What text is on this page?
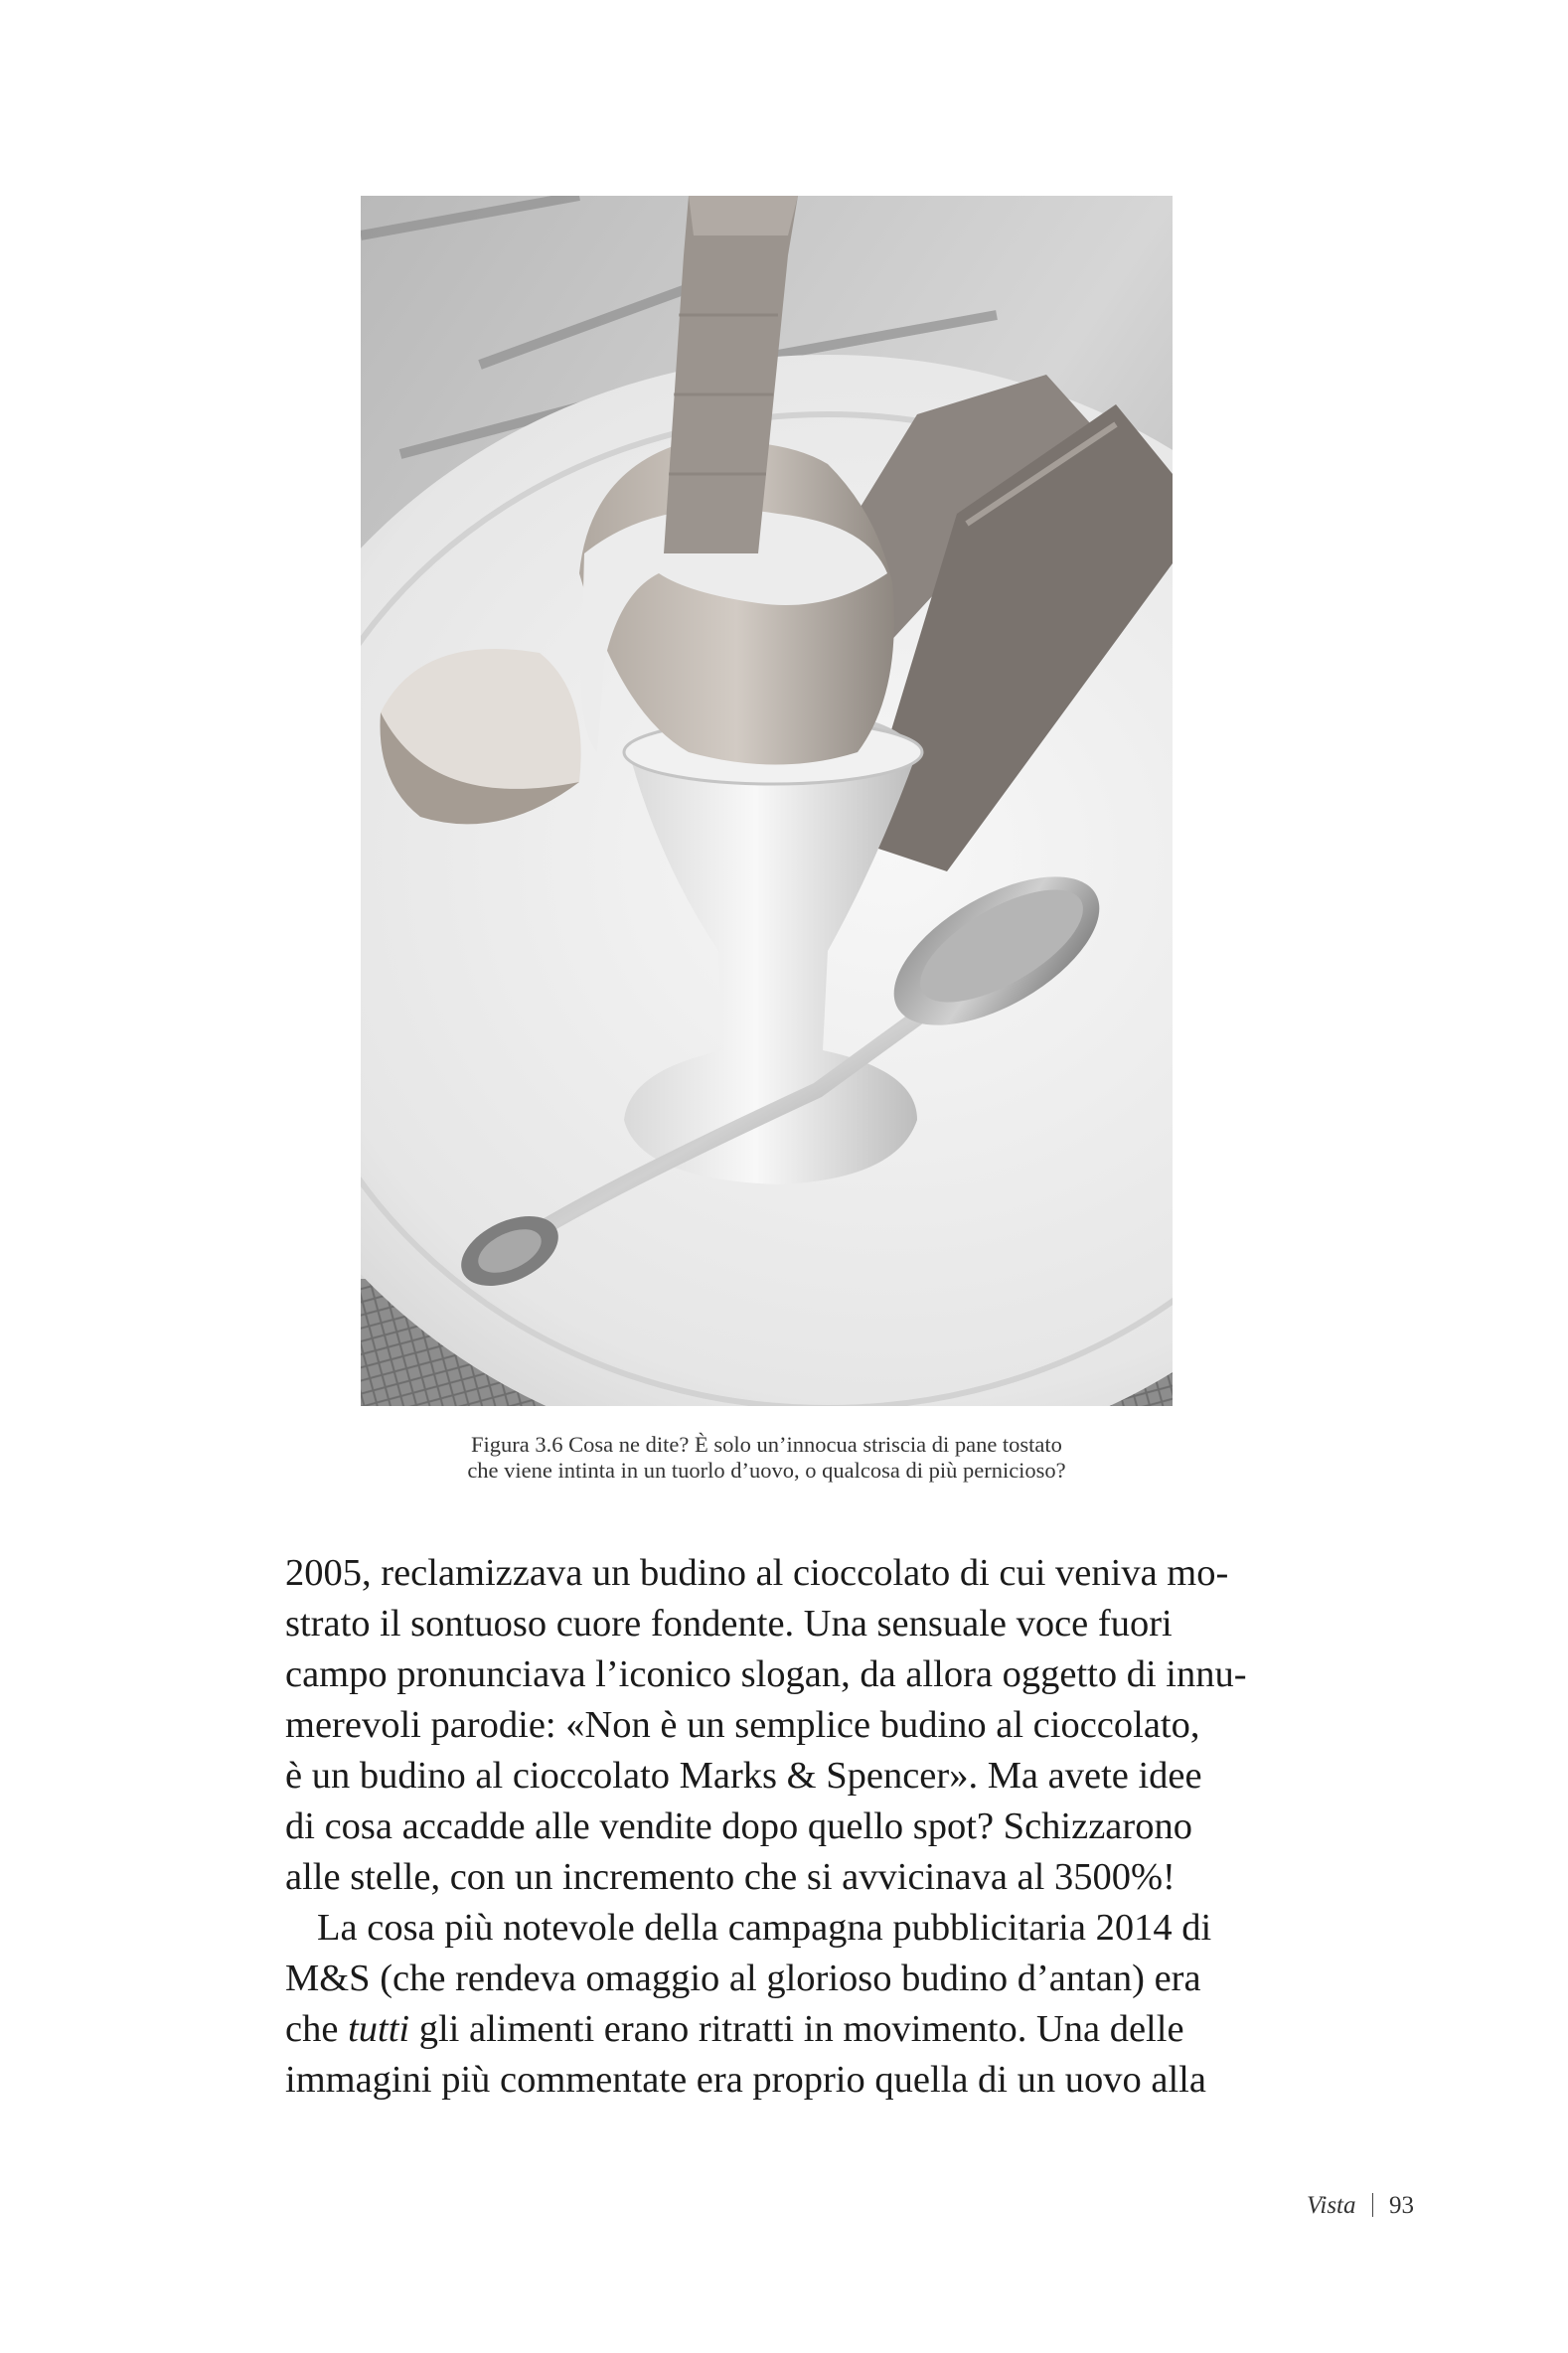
Figura 3.6 Cosa ne dite? È solo un’innocua striscia di pane tostato
che viene intinta in un tuorlo d’uovo, o qualcosa di più pernicioso?
2005, reclamizzava un budino al cioccolato di cui veniva mo-
strato il sontuoso cuore fondente. Una sensuale voce fuori
campo pronunciava l’iconico slogan, da allora oggetto di innu-
merevoli parodie: «Non è un semplice budino al cioccolato,
è un budino al cioccolato Marks & Spencer». Ma avete idee
di cosa accadde alle vendite dopo quello spot? Schizzarono
alle stelle, con un incremento che si avvicinava al 3500%!
La cosa più notevole della campagna pubblicitaria 2014 di
M&S (che rendeva omaggio al glorioso budino d’antan) era
che tutti gli alimenti erano ritratti in movimento. Una delle
immagini più commentate era proprio quella di un uovo alla
Vista 93
